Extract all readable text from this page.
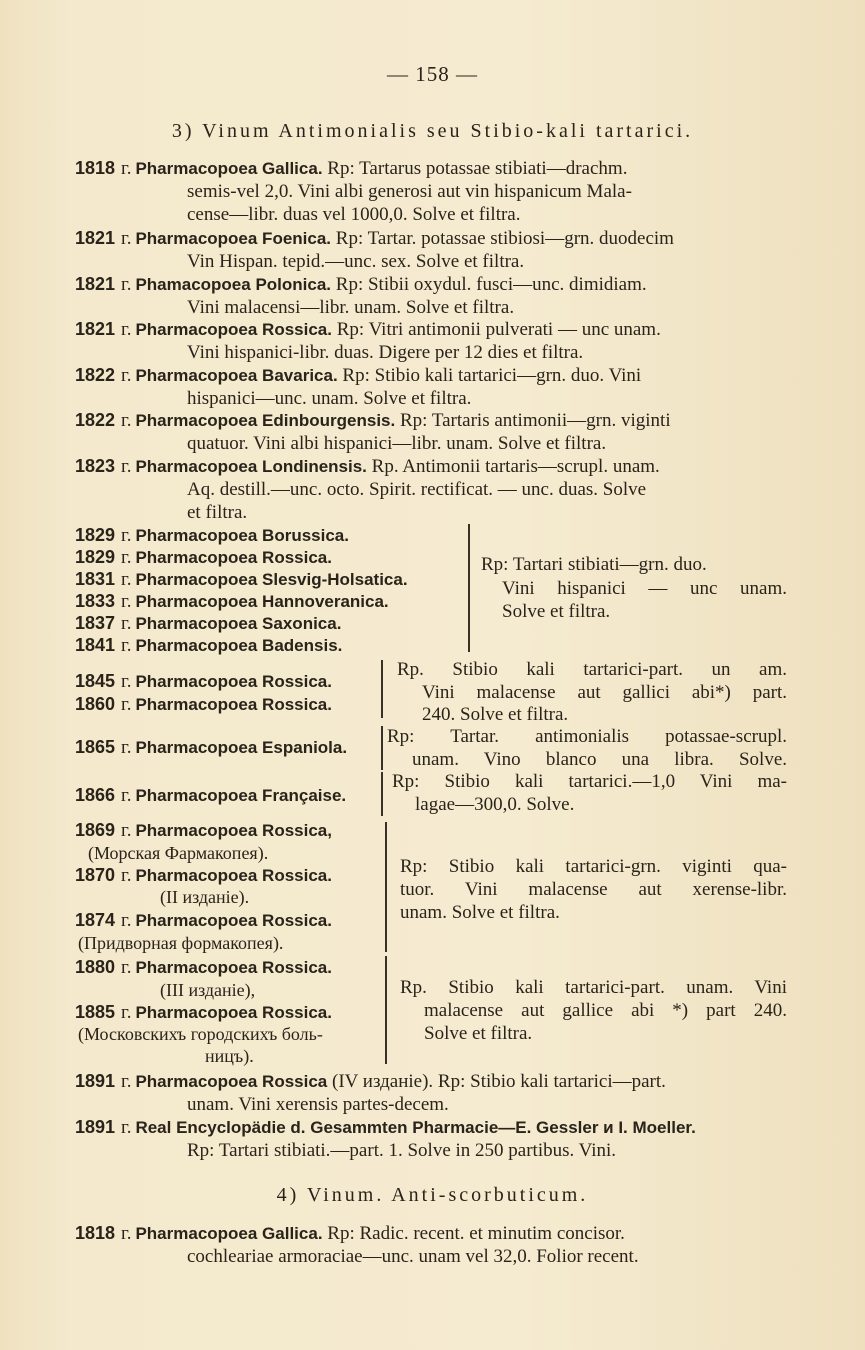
— 158 —
3) Vinum Antimonialis seu Stibio-kali tartarici.
1818 г. Pharmacopoea Gallica. Rp: Tartarus potassae stibiati—drachm.
semis-vel 2,0. Vini albi generosi aut vin hispanicum Mala-
cense—libr. duas vel 1000,0. Solve et filtra.
1821 г. Pharmacopoea Foenica. Rp: Tartar. potassae stibiosi—grn. duodecim
Vin Hispan. tepid.—unc. sex. Solve et filtra.
1821 г. Phamacopoea Polonica. Rp: Stibii oxydul. fusci—unc. dimidiam.
Vini malacensi—libr. unam. Solve et filtra.
1821 г. Pharmacopoea Rossica. Rp: Vitri antimonii pulverati — unc unam.
Vini hispanici-libr. duas. Digere per 12 dies et filtra.
1822 г. Pharmacopoea Bavarica. Rp: Stibio kali tartarici—grn. duo. Vini
hispanici—unc. unam. Solve et filtra.
1822 г. Pharmacopoea Edinbourgensis. Rp: Tartaris antimonii—grn. viginti
quatuor. Vini albi hispanici—libr. unam. Solve et filtra.
1823 г. Pharmacopoea Londinensis. Rp. Antimonii tartaris—scrupl. unam.
Aq. destill.—unc. octo. Spirit. rectificat. — unc. duas. Solve
et filtra.
1829 г. Pharmacopoea Borussica.
1829 г. Pharmacopoea Rossica.
1831 г. Pharmacopoea Slesvig-Holsatica.
1833 г. Pharmacopoea Hannoveranica.
1837 г. Pharmacopoea Saxonica.
1841 г. Pharmacopoea Badensis.
Rp: Tartari stibiati—grn. duo.
Vini hispanici — unc unam.
Solve et filtra.
1845 г. Pharmacopoea Rossica.
1860 г. Pharmacopoea Rossica.
Rp. Stibio kali tartarici-part. un am.
Vini malacense aut gallici abi*) part.
240. Solve et filtra.
1865 г. Pharmacopoea Espaniola.
Rp: Tartar. antimonialis potassae-scrupl.
unam. Vino blanco una libra. Solve.
1866 г. Pharmacopoea Française.
Rp: Stibio kali tartarici.—1,0 Vini ma-
lagae—300,0. Solve.
1869 г. Pharmacopoea Rossica,
(Морская Фармакопея).
1870 г. Pharmacopoea Rossica.
(II изданіе).
1874 г. Pharmacopoea Rossica.
(Придворная формакопея).
Rp: Stibio kali tartarici-grn. viginti qua-
tuor. Vini malacense aut xerense-libr.
unam. Solve et filtra.
1880 г. Pharmacopoea Rossica.
(III изданіе),
1885 г. Pharmacopoea Rossica.
(Московскихъ городскихъ боль-
ницъ).
Rp. Stibio kali tartarici-part. unam. Vini
malacense aut gallice abi *) part 240.
Solve et filtra.
1891 г. Pharmacopoea Rossica (IV изданіе). Rp: Stibio kali tartarici—part.
unam. Vini xerensis partes-decem.
1891 г. Real Encyclopädie d. Gesammten Pharmacie—E. Gessler и I. Moeller.
Rp: Tartari stibiati.—part. 1. Solve in 250 partibus. Vini.
4) Vinum. Anti-scorbuticum.
1818 г. Pharmacopoea Gallica. Rp: Radic. recent. et minutim concisor.
cochleariae armoraciae—unc. unam vel 32,0. Folior recent.
